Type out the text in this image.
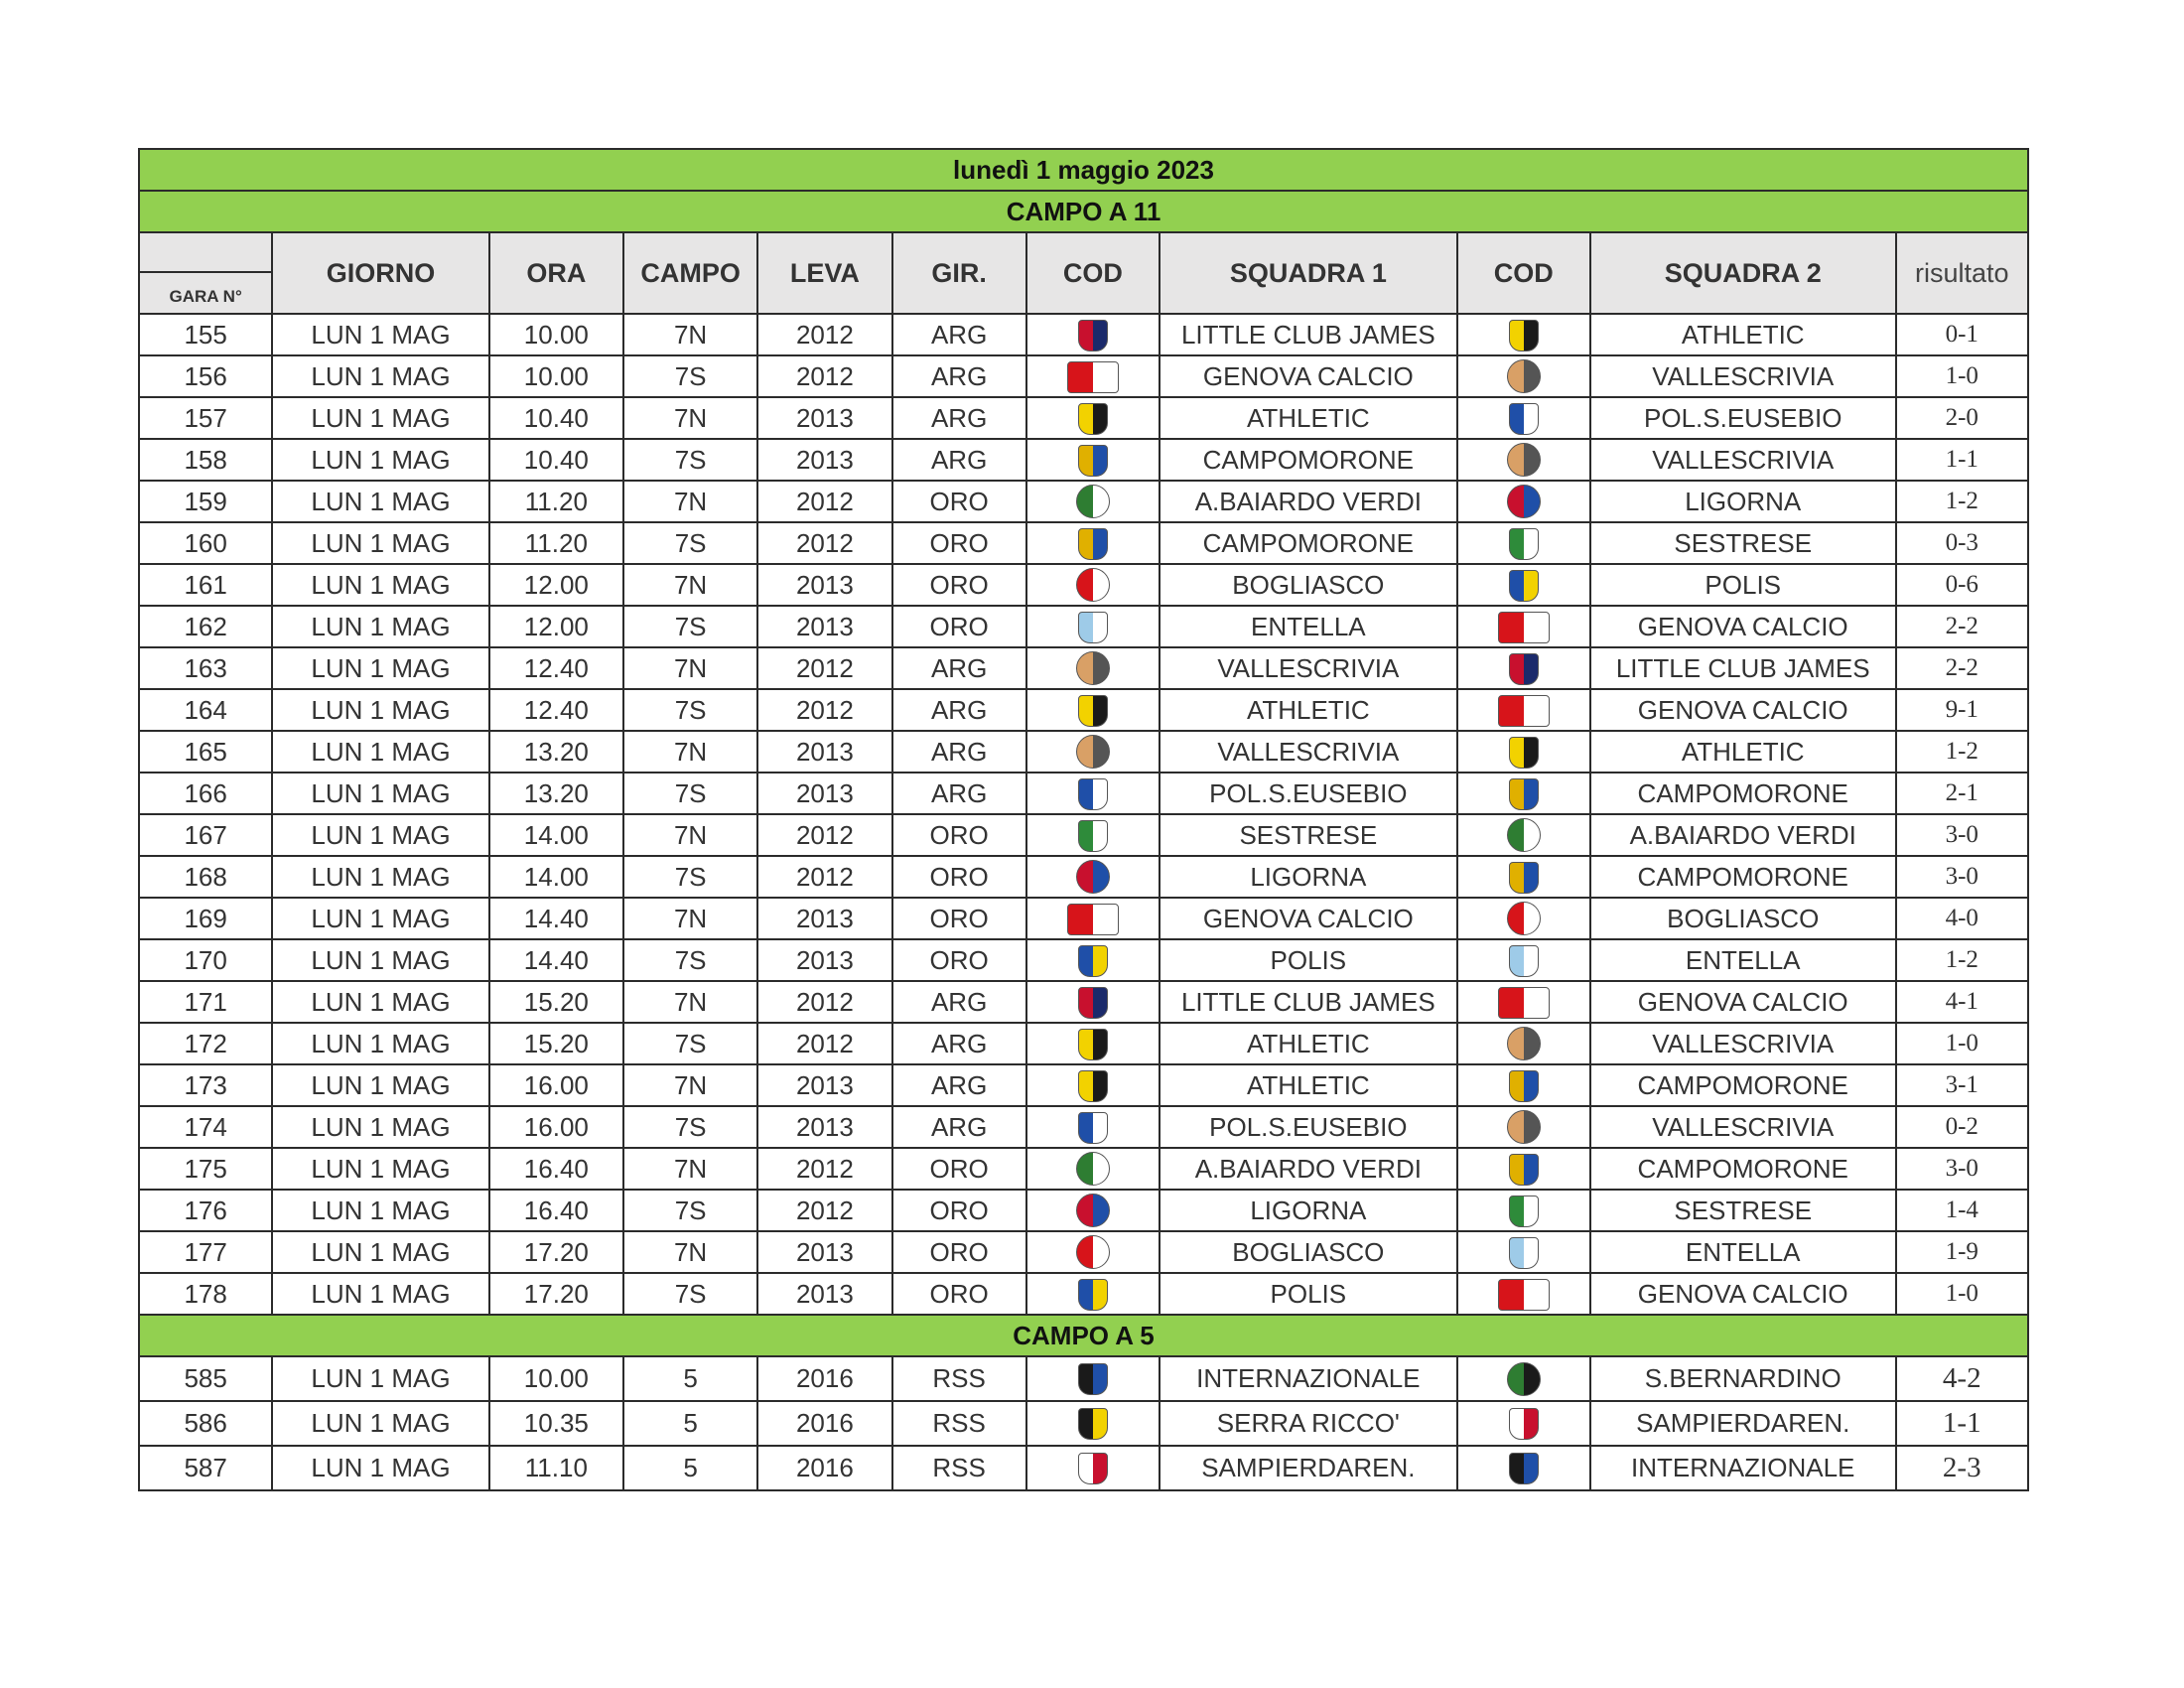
lunedì 1 maggio 2023										
CAMPO A 11										

GARA N°	GIORNO	ORA	CAMPO	LEVA	GIR.	COD	SQUADRA 1	COD	SQUADRA 2	risultato
155	LUN 1 MAG	10.00	7N	2012	ARG		LITTLE CLUB JAMES		ATHLETIC	0-1
156	LUN 1 MAG	10.00	7S	2012	ARG		GENOVA CALCIO		VALLESCRIVIA	1-0
157	LUN 1 MAG	10.40	7N	2013	ARG		ATHLETIC		POL.S.EUSEBIO	2-0
158	LUN 1 MAG	10.40	7S	2013	ARG		CAMPOMORONE		VALLESCRIVIA	1-1
159	LUN 1 MAG	11.20	7N	2012	ORO		A.BAIARDO VERDI		LIGORNA	1-2
160	LUN 1 MAG	11.20	7S	2012	ORO		CAMPOMORONE		SESTRESE	0-3
161	LUN 1 MAG	12.00	7N	2013	ORO		BOGLIASCO		POLIS	0-6
162	LUN 1 MAG	12.00	7S	2013	ORO		ENTELLA		GENOVA CALCIO	2-2
163	LUN 1 MAG	12.40	7N	2012	ARG		VALLESCRIVIA		LITTLE CLUB JAMES	2-2
164	LUN 1 MAG	12.40	7S	2012	ARG		ATHLETIC		GENOVA CALCIO	9-1
165	LUN 1 MAG	13.20	7N	2013	ARG		VALLESCRIVIA		ATHLETIC	1-2
166	LUN 1 MAG	13.20	7S	2013	ARG		POL.S.EUSEBIO		CAMPOMORONE	2-1
167	LUN 1 MAG	14.00	7N	2012	ORO		SESTRESE		A.BAIARDO VERDI	3-0
168	LUN 1 MAG	14.00	7S	2012	ORO		LIGORNA		CAMPOMORONE	3-0
169	LUN 1 MAG	14.40	7N	2013	ORO		GENOVA CALCIO		BOGLIASCO	4-0
170	LUN 1 MAG	14.40	7S	2013	ORO		POLIS		ENTELLA	1-2
171	LUN 1 MAG	15.20	7N	2012	ARG		LITTLE CLUB JAMES		GENOVA CALCIO	4-1
172	LUN 1 MAG	15.20	7S	2012	ARG		ATHLETIC		VALLESCRIVIA	1-0
173	LUN 1 MAG	16.00	7N	2013	ARG		ATHLETIC		CAMPOMORONE	3-1
174	LUN 1 MAG	16.00	7S	2013	ARG		POL.S.EUSEBIO		VALLESCRIVIA	0-2
175	LUN 1 MAG	16.40	7N	2012	ORO		A.BAIARDO VERDI		CAMPOMORONE	3-0
176	LUN 1 MAG	16.40	7S	2012	ORO		LIGORNA		SESTRESE	1-4
177	LUN 1 MAG	17.20	7N	2013	ORO		BOGLIASCO		ENTELLA	1-9
178	LUN 1 MAG	17.20	7S	2013	ORO		POLIS		GENOVA CALCIO	1-0
CAMPO A 5										
585	LUN 1 MAG	10.00	5	2016	RSS		INTERNAZIONALE		S.BERNARDINO	4-2
586	LUN 1 MAG	10.35	5	2016	RSS		SERRA RICCO'		SAMPIERDAREN.	1-1
587	LUN 1 MAG	11.10	5	2016	RSS		SAMPIERDAREN.		INTERNAZIONALE	2-3
